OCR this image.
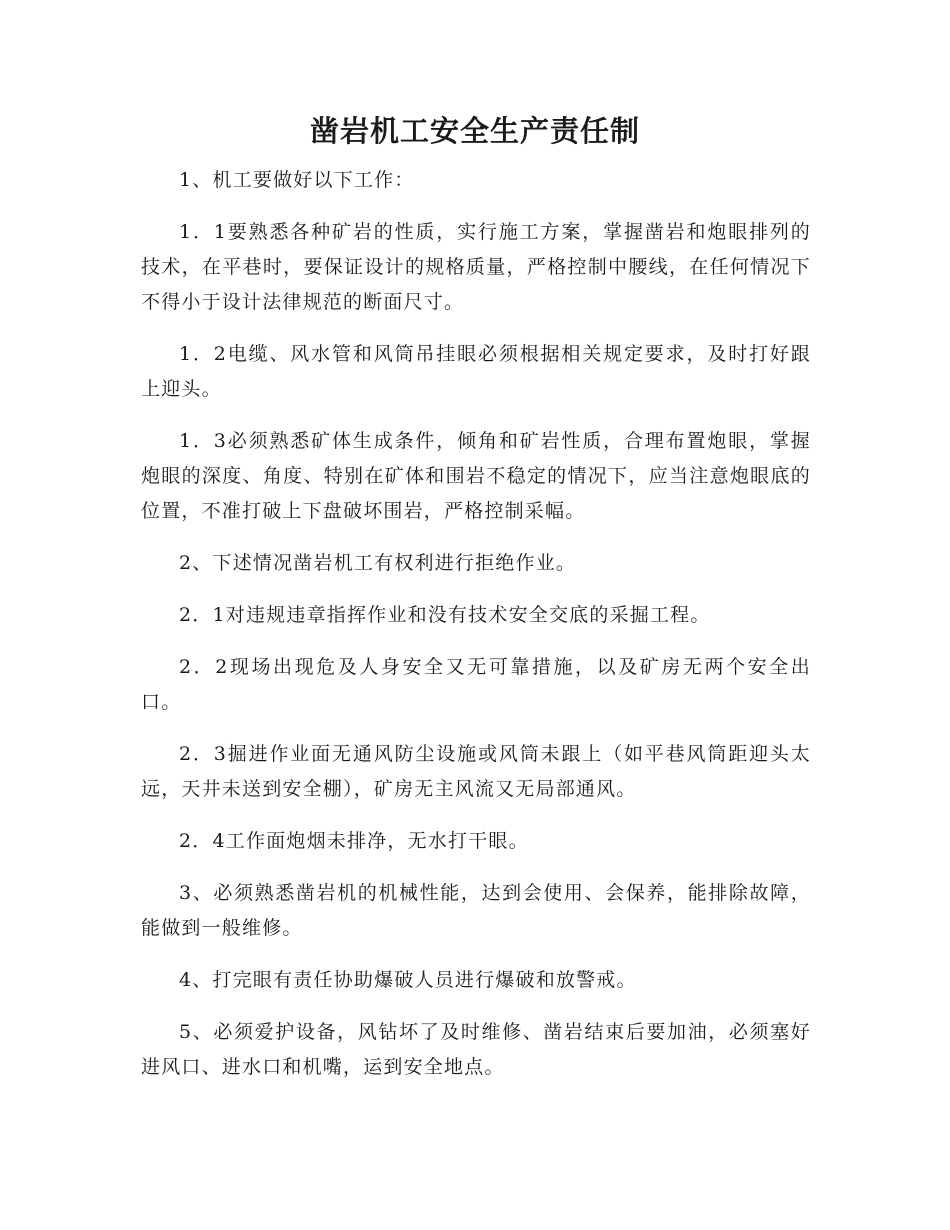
凿岩机工安全生产责任制

1、机工要做好以下工作：

1．1要熟悉各种矿岩的性质，实行施工方案，掌握凿岩和炮眼排列的技术，在平巷时，要保证设计的规格质量，严格控制中腰线，在任何情况下不得小于设计法律规范的断面尺寸。

1．2电缆、风水管和风筒吊挂眼必须根据相关规定要求，及时打好跟上迎头。

1．3必须熟悉矿体生成条件，倾角和矿岩性质，合理布置炮眼，掌握炮眼的深度、角度、特别在矿体和围岩不稳定的情况下，应当注意炮眼底的位置，不准打破上下盘破坏围岩，严格控制采幅。

2、下述情况凿岩机工有权利进行拒绝作业。

2．1对违规违章指挥作业和没有技术安全交底的采掘工程。

2．2现场出现危及人身安全又无可靠措施，以及矿房无两个安全出口。

2．3掘进作业面无通风防尘设施或风筒未跟上（如平巷风筒距迎头太远，天井未送到安全棚），矿房无主风流又无局部通风。

2．4工作面炮烟未排净，无水打干眼。

3、必须熟悉凿岩机的机械性能，达到会使用、会保养，能排除故障，能做到一般维修。

4、打完眼有责任协助爆破人员进行爆破和放警戒。

5、必须爱护设备，风钻坏了及时维修、凿岩结束后要加油，必须塞好进风口、进水口和机嘴，运到安全地点。
